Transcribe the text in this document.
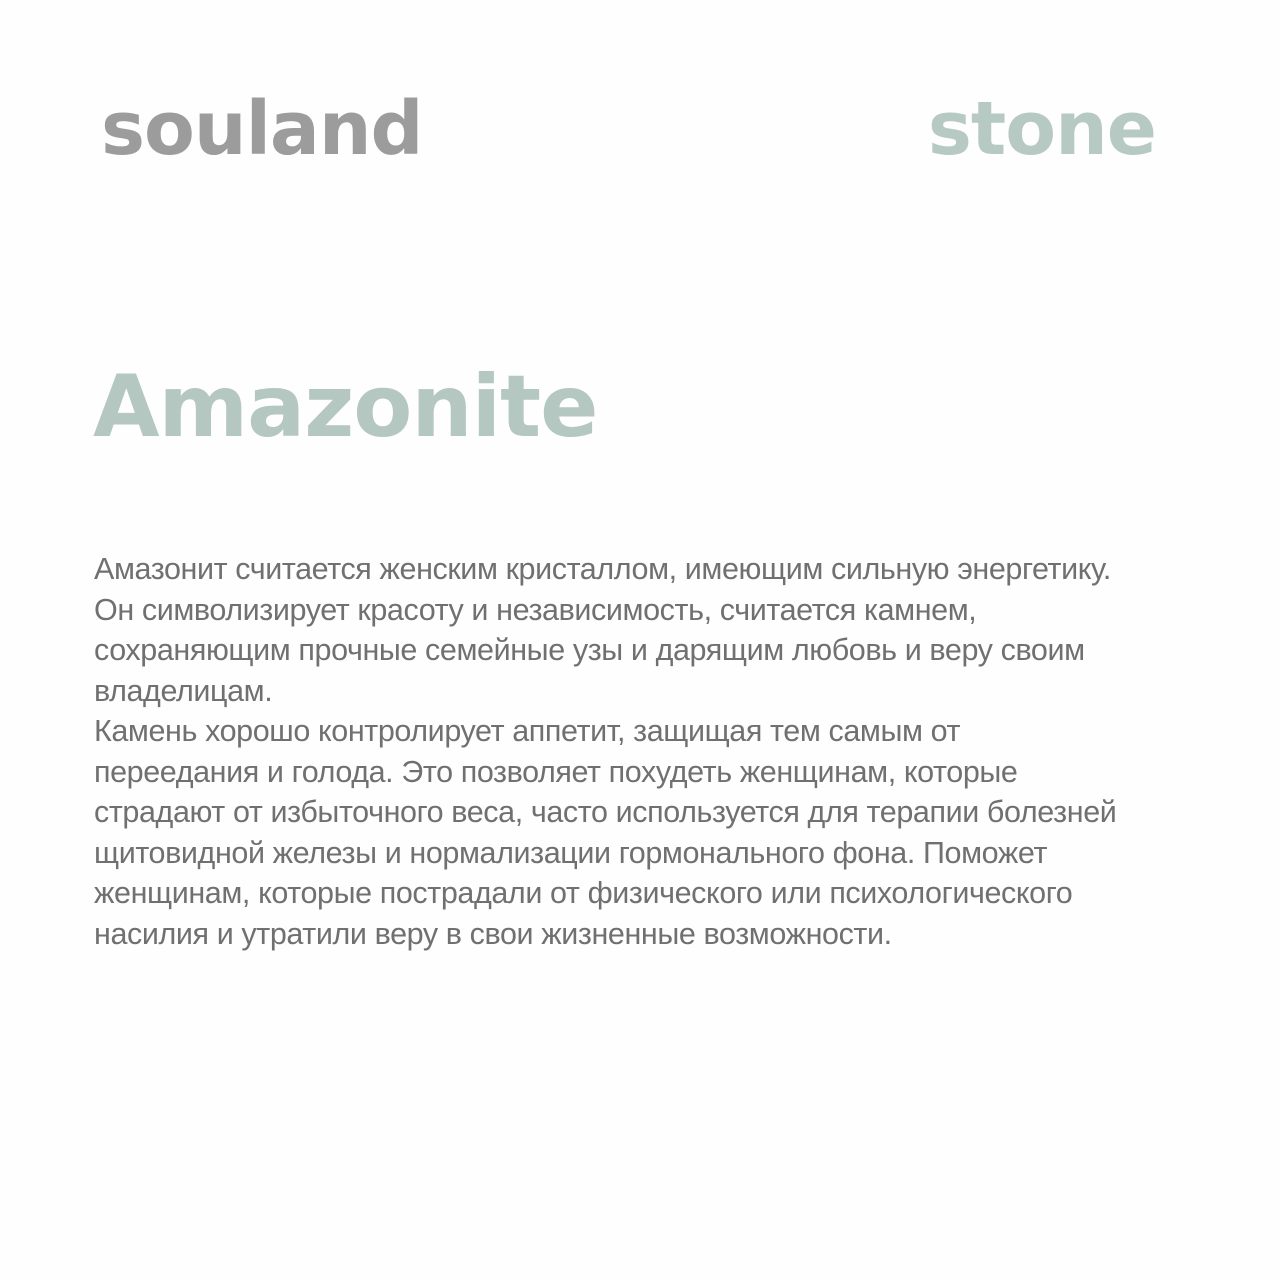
souland	stone
Amazonite

Амазонит считается женским кристаллом, имеющим сильную энергетику.
Он символизирует красоту и независимость, считается камнем,
сохраняющим прочные семейные узы и дарящим любовь и веру своим
владелицам.

Камень хорошо контролирует аппетит, защищая тем самым от
переедания и голода. Это позволяет похудеть женщинам, которые
страдают от избыточного веса, часто используется для терапии болезней
щитовидной железы и нормализации гормонального фона. Поможет
женщинам, которые пострадали от физического или психологического
насилия и утратили веру в свои жизненные возможности.
